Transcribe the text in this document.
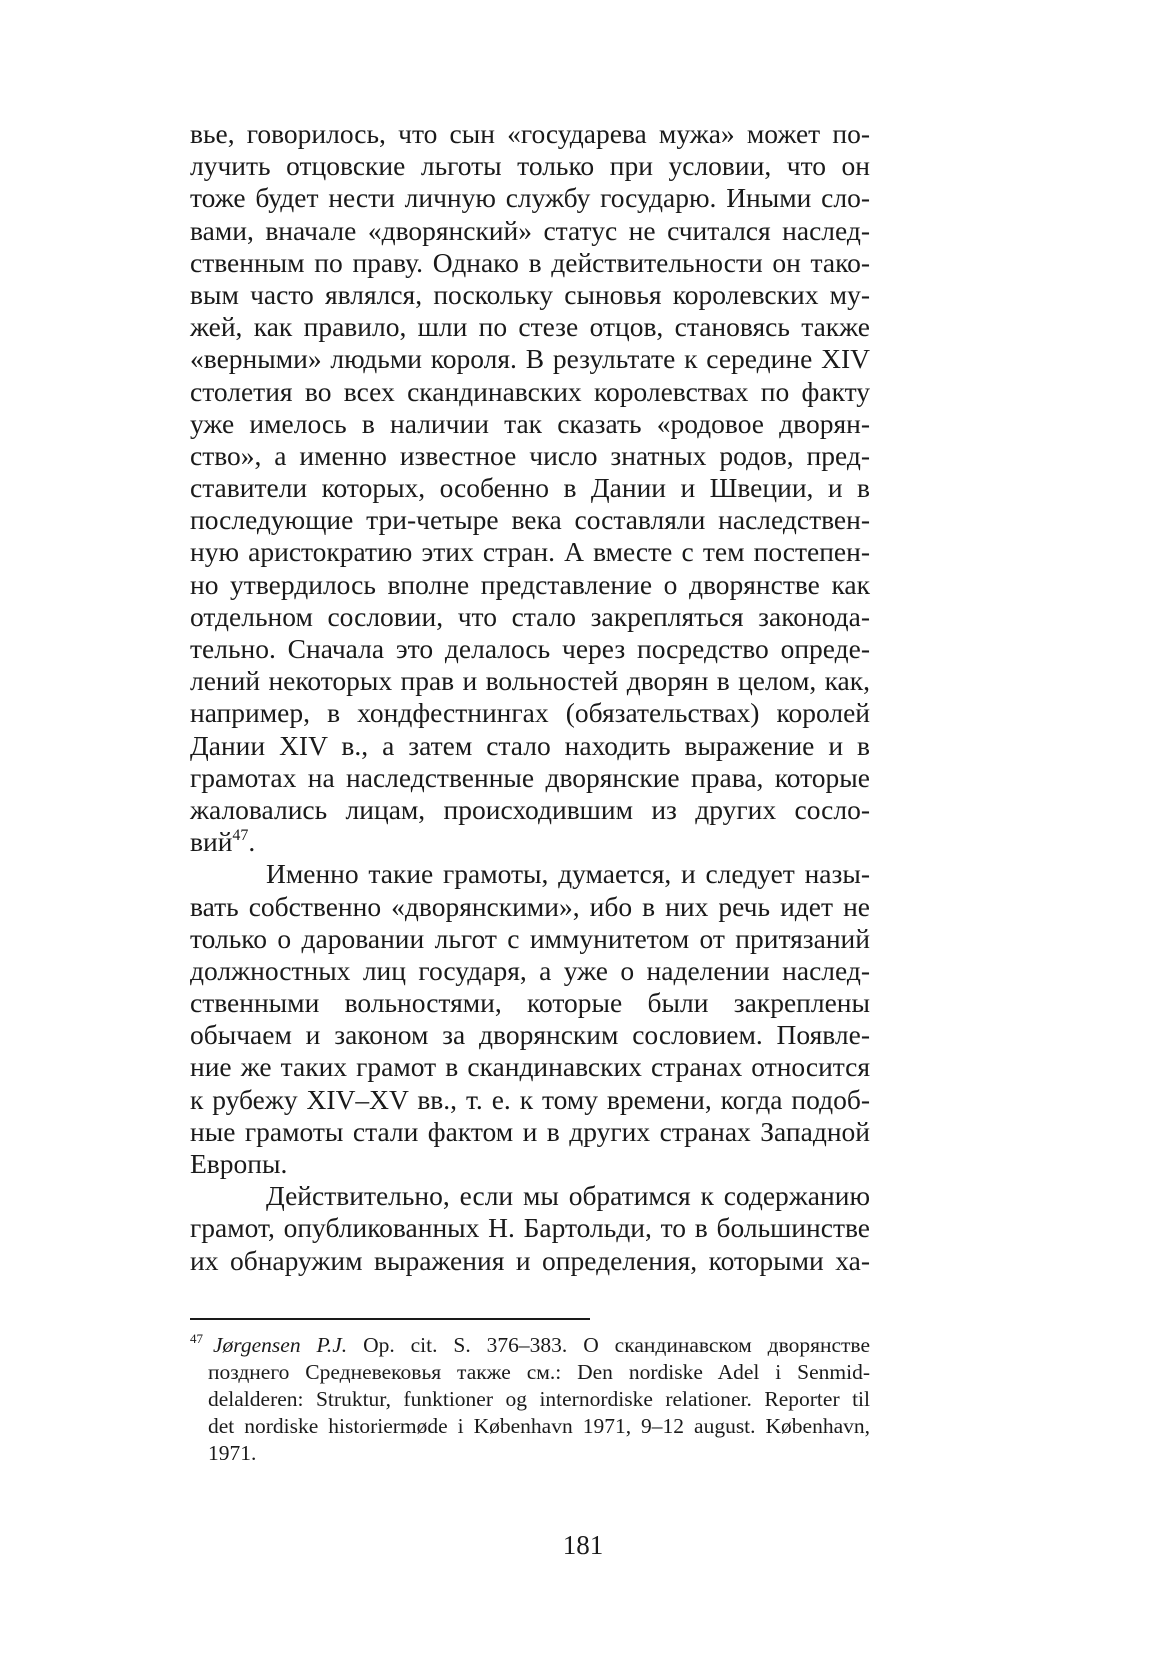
вье, говорилось, что сын «государева мужа» может по-
лучить отцовские льготы только при условии, что он
тоже будет нести личную службу государю. Иными сло-
вами, вначале «дворянский» статус не считался наслед-
ственным по праву. Однако в действительности он тако-
вым часто являлся, поскольку сыновья королевских му-
жей, как правило, шли по стезе отцов, становясь также
«верными» людьми короля. В результате к середине XIV
столетия во всех скандинавских королевствах по факту
уже имелось в наличии так сказать «родовое дворян-
ство», а именно известное число знатных родов, пред-
ставители которых, особенно в Дании и Швеции, и в
последующие три-четыре века составляли наследствен-
ную аристократию этих стран. А вместе с тем постепен-
но утвердилось вполне представление о дворянстве как
отдельном сословии, что стало закрепляться законода-
тельно. Сначала это делалось через посредство опреде-
лений некоторых прав и вольностей дворян в целом, как,
например, в хондфестнингах (обязательствах) королей
Дании XIV в., а затем стало находить выражение и в
грамотах на наследственные дворянские права, которые
жаловались лицам, происходившим из других сосло-
вий$^{47}$.
Именно такие грамоты, думается, и следует назы-
вать собственно «дворянскими», ибо в них речь идет не
только о даровании льгот с иммунитетом от притязаний
должностных лиц государя, а уже о наделении наслед-
ственными вольностями, которые были закреплены
обычаем и законом за дворянским сословием. Появле-
ние же таких грамот в скандинавских странах относится
к рубежу XIV–XV вв., т. е. к тому времени, когда подоб-
ные грамоты стали фактом и в других странах Западной
Европы.
Действительно, если мы обратимся к содержанию
грамот, опубликованных Н. Бартольди, то в большинстве
их обнаружим выражения и определения, которыми ха-
$^{47}$ Jørgensen P.J. Op. cit. S. 376–383. О скандинавском дворянстве
позднего Средневековья также см.: Den nordiske Adel i Senmid-
delalderen: Struktur, funktioner og internordiske relationer. Reporter til
det nordiske historiermøde i København 1971, 9–12 august. København,
1971.
181
